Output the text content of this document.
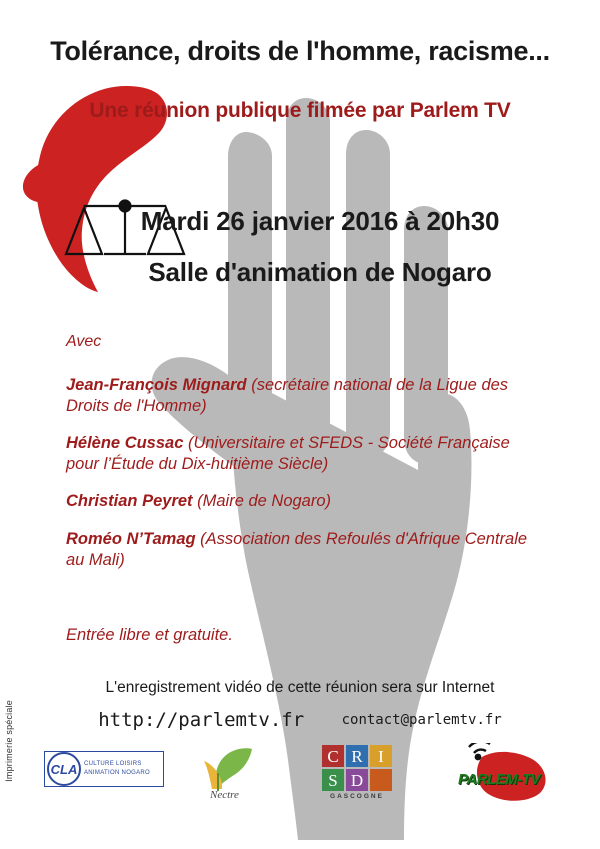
Tolérance, droits de l'homme, racisme...
Une réunion publique filmée par Parlem TV
Mardi 26 janvier 2016 à 20h30
Salle d'animation de Nogaro
Avec
Jean-François Mignard (secrétaire national de la Ligue des Droits de l'Homme)
Hélène Cussac (Universitaire et SFEDS - Société Française pour l’Étude du Dix-huitième Siècle)
Christian Peyret (Maire de Nogaro)
Roméo N’Tamag (Association des Refoulés d'Afrique Centrale au Mali)
Entrée libre et gratuite.
L'enregistrement vidéo de cette réunion sera sur Internet
http://parlemtv.fr	contact@parlemtv.fr
Imprimerie spéciale	CLA	CULTURE LOISIRS
ANIMATION NOGARO
Nectre
C R I
S D
GASCOGNE
PARLEM-TV
